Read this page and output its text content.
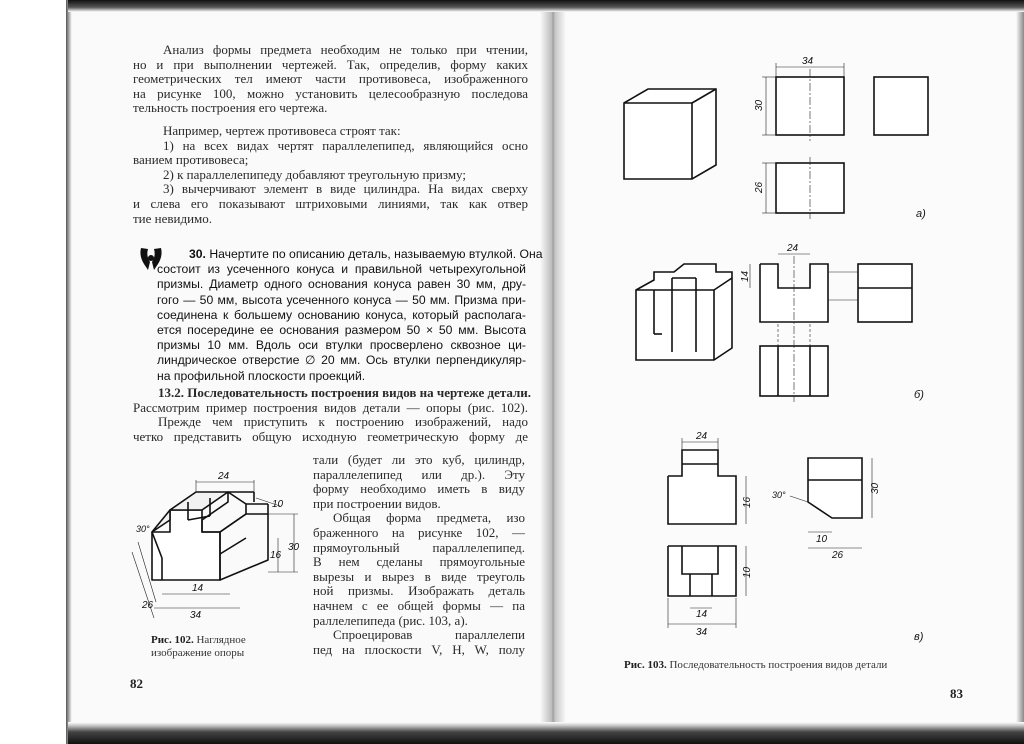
Анализ формы предмета необходим не только при чтении,
но и при выполнении чертежей. Так, определив, форму каких
геометрических тел имеют части противовеса, изображенного
на рисунке 100, можно установить целесообразную последова
тельность построения его чертежа.
Например, чертеж противовеса строят так:
1) на всех видах чертят параллелепипед, являющийся осно
ванием противовеса;
2) к параллелепипеду добавляют треугольную призму;
3) вычерчивают элемент в виде цилиндра. На видах сверху
и слева его показывают штриховыми линиями, так как отвер
тие невидимо.
30. Начертите по описанию деталь, называемую втулкой. Она
состоит из усеченного конуса и правильной четырехугольной
призмы. Диаметр одного основания конуса равен 30 мм, дру-
гого — 50 мм, высота усеченного конуса — 50 мм. Призма при-
соединена к большему основанию конуса, который располага-
ется посередине ее основания размером 50 × 50 мм. Высота
призмы 10 мм. Вдоль оси втулки просверлено сквозное ци-
линдрическое отверстие ∅ 20 мм. Ось втулки перпендикуляр-
на профильной плоскости проекций.
13.2. Последовательность построения видов на чертеже детали.
Рассмотрим пример построения видов детали — опоры (рис. 102).
Прежде чем приступить к построению изображений, надо
четко представить общую исходную геометрическую форму де
тали (будет ли это куб, цилиндр,
параллелепипед или др.). Эту
форму необходимо иметь в виду
при построении видов.
Общая форма предмета, изо
браженного на рисунке 102, —
прямоугольный параллелепипед.
В нем сделаны прямоугольные
вырезы и вырез в виде треуголь
ной призмы. Изображать деталь
начнем с ее общей формы — па
раллелепипеда (рис. 103, а).
Спроецировав параллелепи
пед на плоскости V, H, W, полу
24
10
30
16
14
34
26
30°
Рис. 102. Наглядное
изображение опоры
82
34
30
26
а)
24
14
б)
24
16
30°
30
10
26
10
14
34	в)
Рис. 103. Последовательность построения видов детали
83
